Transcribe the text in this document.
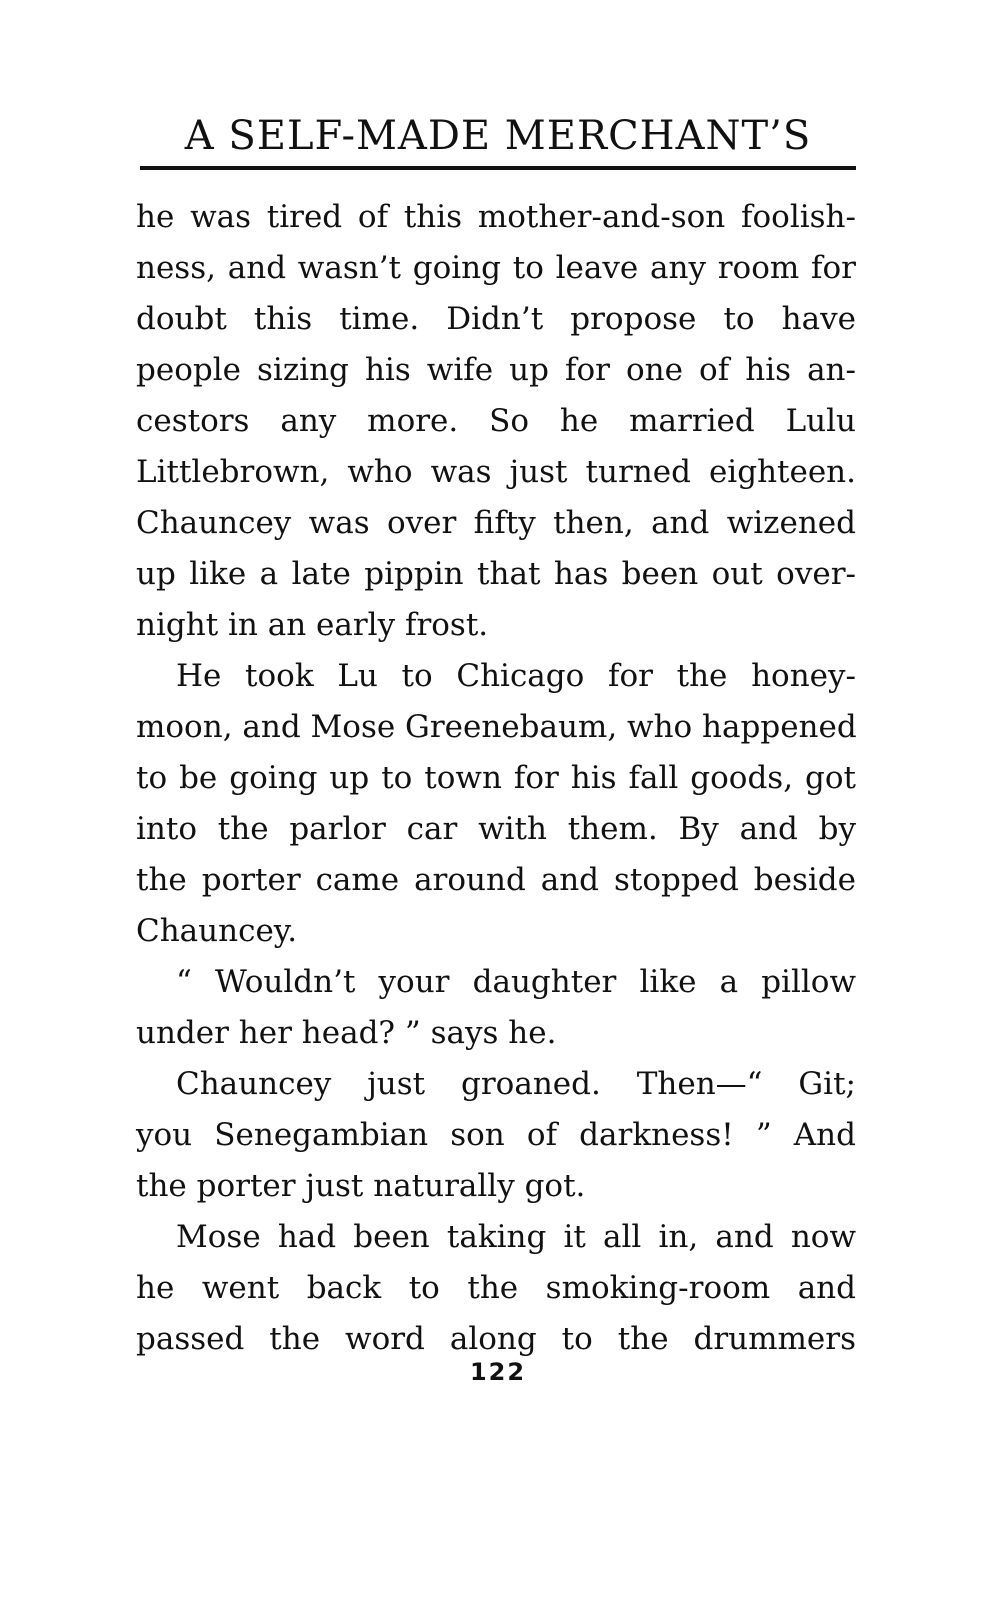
A SELF-MADE MERCHANT’S
he was tired of this mother-and-son foolish-
ness, and wasn’t going to leave any room for
doubt this time. Didn’t propose to have
people sizing his wife up for one of his an-
cestors any more. So he married Lulu
Littlebrown, who was just turned eighteen.
Chauncey was over fifty then, and wizened
up like a late pippin that has been out over-
night in an early frost.
He took Lu to Chicago for the honey-
moon, and Mose Greenebaum, who happened
to be going up to town for his fall goods, got
into the parlor car with them. By and by
the porter came around and stopped beside
Chauncey.
“ Wouldn’t your daughter like a pillow
under her head? ” says he.
Chauncey just groaned. Then—“ Git;
you Senegambian son of darkness! ” And
the porter just naturally got.
Mose had been taking it all in, and now
he went back to the smoking-room and
passed the word along to the drummers
122
